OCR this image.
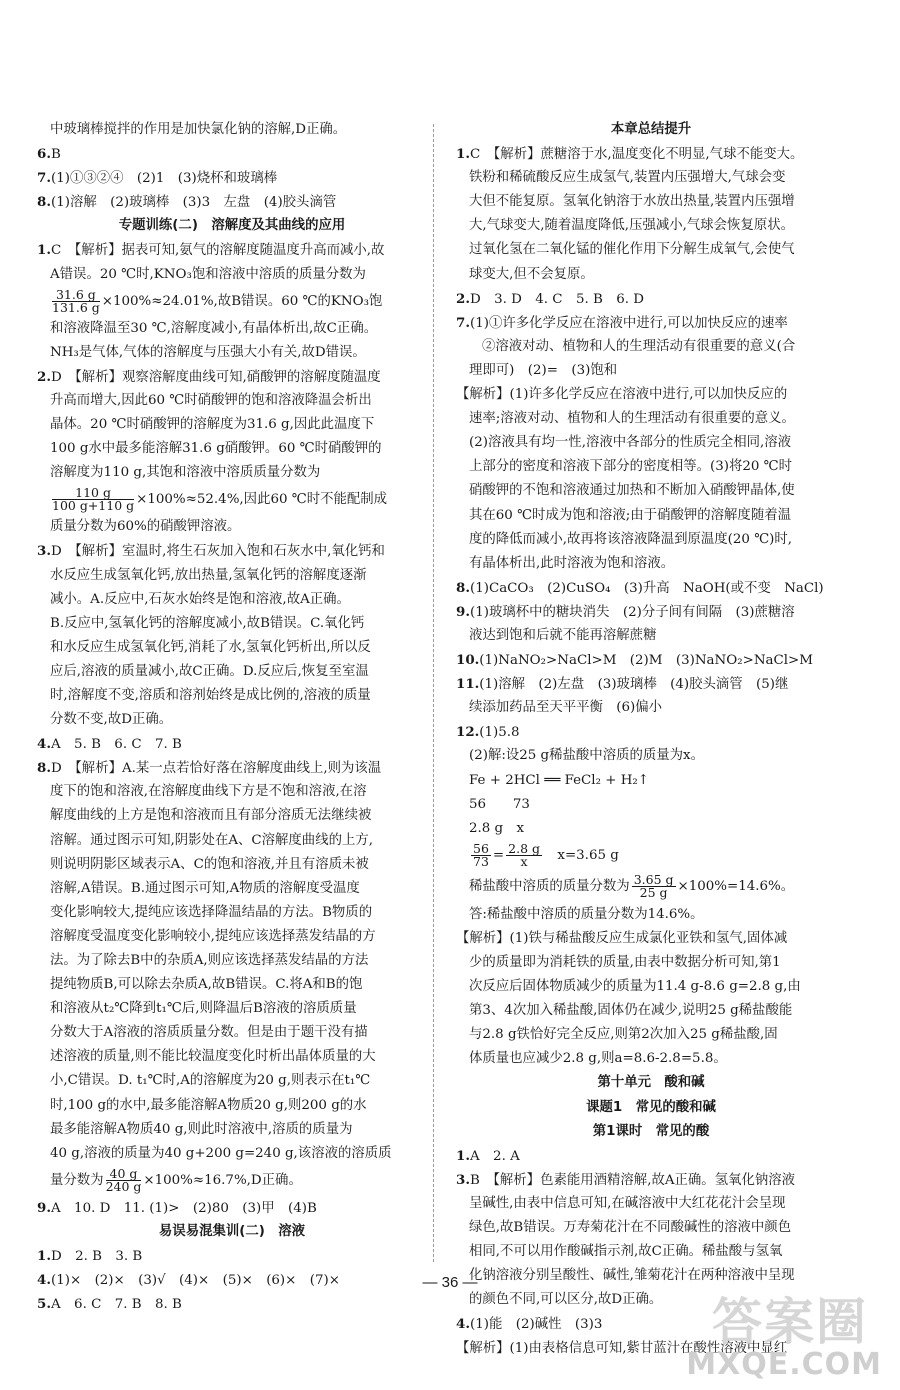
中玻璃棒搅拌的作用是加快氯化钠的溶解,D正确。
6.B
7.(1)①③②④　(2)1　(3)烧杯和玻璃棒
8.(1)溶解　(2)玻璃棒　(3)3　左盘　(4)胶头滴管
专题训练(二)　溶解度及其曲线的应用
1.C　【解析】据表可知,氨气的溶解度随温度升高而减小,故
A错误。20 ℃时,KNO₃饱和溶液中溶质的质量分数为
$\frac{31.6 g}{131.6 g} \times 100\%\approx 24.01\%$,故B错误。60 ℃的KNO₃饱
和溶液降温至30 ℃,溶解度减小,有晶体析出,故C正确。
NH₃是气体,气体的溶解度与压强大小有关,故D错误。
2.D　【解析】观察溶解度曲线可知,硝酸钾的溶解度随温度
升高而增大,因此60 ℃时硝酸钾的饱和溶液降温会析出
晶体。20 ℃时硝酸钾的溶解度为31.6 g,因此此温度下
100 g水中最多能溶解31.6 g硝酸钾。60 ℃时硝酸钾的
溶解度为110 g,其饱和溶液中溶质质量分数为
$\frac{110 g}{100 g+110 g} \times 100\%\approx 52.4\%$,因此60 ℃时不能配制成
质量分数为60%的硝酸钾溶液。
3.D　【解析】室温时,将生石灰加入饱和石灰水中,氧化钙和
水反应生成氢氧化钙,放出热量,氢氧化钙的溶解度逐渐
减小。A.反应中,石灰水始终是饱和溶液,故A正确。
B.反应中,氢氧化钙的溶解度减小,故B错误。C.氧化钙
和水反应生成氢氧化钙,消耗了水,氢氧化钙析出,所以反
应后,溶液的质量减小,故C正确。D.反应后,恢复至室温
时,溶解度不变,溶质和溶剂始终是成比例的,溶液的质量
分数不变,故D正确。
4.A　5. B　6. C　7. B
8.D　【解析】A.某一点若恰好落在溶解度曲线上,则为该温
度下的饱和溶液,在溶解度曲线下方是不饱和溶液,在溶
解度曲线的上方是饱和溶液而且有部分溶质无法继续被
溶解。通过图示可知,阴影处在A、C溶解度曲线的上方,
则说明阴影区域表示A、C的饱和溶液,并且有溶质未被
溶解,A错误。B.通过图示可知,A物质的溶解度受温度
变化影响较大,提纯应该选择降温结晶的方法。B物质的
溶解度受温度变化影响较小,提纯应该选择蒸发结晶的方
法。为了除去B中的杂质A,则应该选择蒸发结晶的方法
提纯物质B,可以除去杂质A,故B错误。C.将A和B的饱
和溶液从t₂℃降到t₁℃后,则降温后B溶液的溶质质量
分数大于A溶液的溶质质量分数。但是由于题干没有描
述溶液的质量,则不能比较温度变化时析出晶体质量的大
小,C错误。D. t₁℃时,A的溶解度为20 g,则表示在t₁℃
时,100 g的水中,最多能溶解A物质20 g,则200 g的水
最多能溶解A物质40 g,则此时溶液中,溶质的质量为
40 g,溶液的质量为40 g+200 g=240 g,该溶液的溶质质
量分数为 $\frac{40 g}{240 g} \times 100\%\approx 16.7\%,D$正确。
9.A　10. D　11. (1)>　(2)80　(3)甲　(4)B
易误易混集训(二)　溶液
1.D　2. B　3. B
4.(1)×　(2)×　(3)√　(4)×　(5)×　(6)×　(7)×
5.A　6. C　7. B　8. B
本章总结提升
1.C　【解析】蔗糖溶于水,温度变化不明显,气球不能变大。
铁粉和稀硫酸反应生成氢气,装置内压强增大,气球会变
大但不能复原。氢氧化钠溶于水放出热量,装置内压强增
大,气球变大,随着温度降低,压强减小,气球会恢复原状。
过氧化氢在二氧化锰的催化作用下分解生成氧气,会使气
球变大,但不会复原。
2.D　3. D　4. C　5. B　6. D
7.(1)①许多化学反应在溶液中进行,可以加快反应的速率
②溶液对动、植物和人的生理活动有很重要的意义(合
理即可)　(2)=　(3)饱和
【解析】(1)许多化学反应在溶液中进行,可以加快反应的
速率;溶液对动、植物和人的生理活动有很重要的意义。
(2)溶液具有均一性,溶液中各部分的性质完全相同,溶液
上部分的密度和溶液下部分的密度相等。(3)将20 ℃时
硝酸钾的不饱和溶液通过加热和不断加入硝酸钾晶体,使
其在60 ℃时成为饱和溶液;由于硝酸钾的溶解度随着温
度的降低而减小,故再将该溶液降温到原温度(20 ℃)时,
有晶体析出,此时溶液为饱和溶液。
8.(1)CaCO₃　(2)CuSO₄　(3)升高　NaOH(或不变　NaCl)
9.(1)玻璃杯中的糖块消失　(2)分子间有间隔　(3)蔗糖溶
液达到饱和后就不能再溶解蔗糖
10.(1)NaNO₂>NaCl>M　(2)M　(3)NaNO₂>NaCl>M
11.(1)溶解　(2)左盘　(3)玻璃棒　(4)胶头滴管　(5)继
续添加药品至天平平衡　(6)偏小
12.(1)5.8
(2)解:设25 g稀盐酸中溶质的质量为x。
Fe + 2HCl ══ FeCl₂ + H₂↑
56　　73
2.8 g　x
$\frac{56}{73} = \frac{2.8 g}{x}$ 　x=3.65 g
稀盐酸中溶质的质量分数为 $\frac{3.65 g}{25 g} \times 100\%=14.6\%$。
答:稀盐酸中溶质的质量分数为14.6%。
【解析】(1)铁与稀盐酸反应生成氯化亚铁和氢气,固体减
少的质量即为消耗铁的质量,由表中数据分析可知,第1
次反应后固体物质减少的质量为11.4 g-8.6 g=2.8 g,由
第3、4次加入稀盐酸,固体仍在减少,说明25 g稀盐酸能
与2.8 g铁恰好完全反应,则第2次加入25 g稀盐酸,固
体质量也应减少2.8 g,则a=8.6-2.8=5.8。
第十单元　酸和碱
课题1　常见的酸和碱
第1课时　常见的酸
1.A　2. A
3.B　【解析】色素能用酒精溶解,故A正确。氢氧化钠溶液
呈碱性,由表中信息可知,在碱溶液中大红花花汁会呈现
绿色,故B错误。万寿菊花汁在不同酸碱性的溶液中颜色
相同,不可以用作酸碱指示剂,故C正确。稀盐酸与氢氧
化钠溶液分别呈酸性、碱性,雏菊花汁在两种溶液中呈现
的颜色不同,可以区分,故D正确。
4.(1)能　(2)碱性　(3)3
【解析】(1)由表格信息可知,紫甘蓝汁在酸性溶液中显红
— 36 —
答案圈
MXQE.COM
